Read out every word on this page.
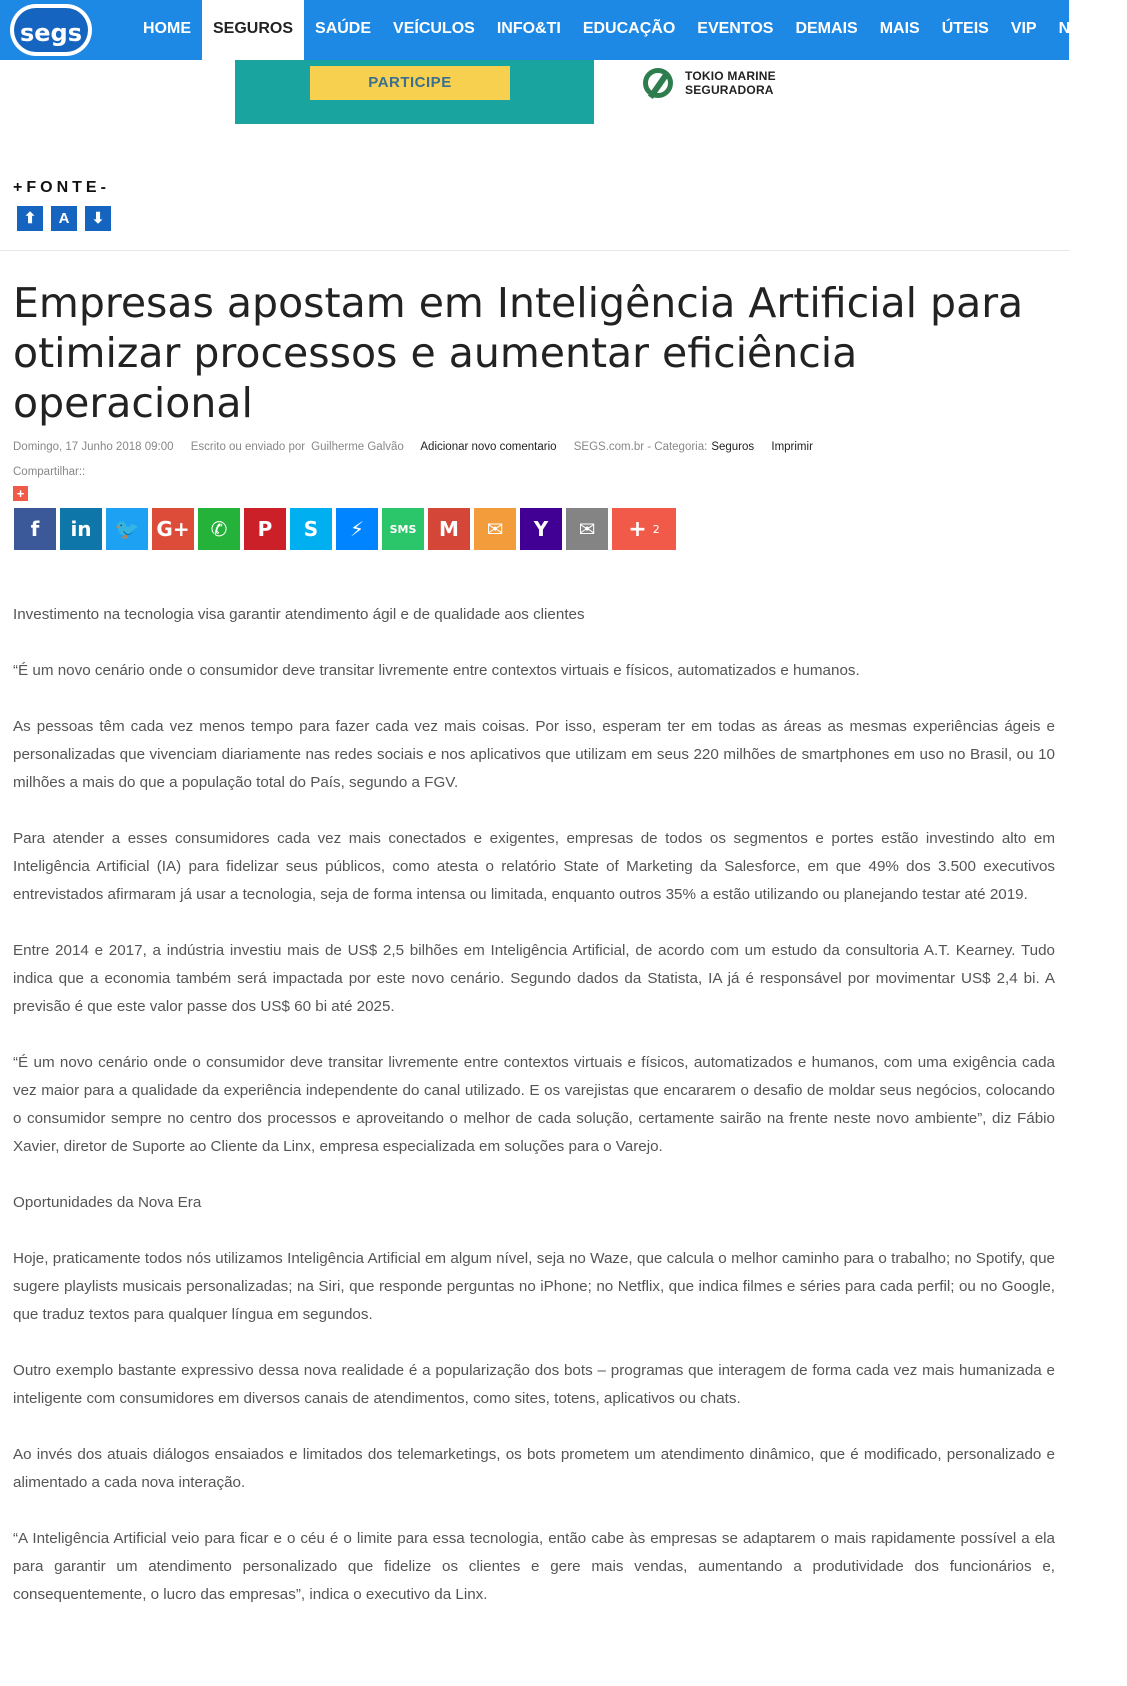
segs	HOME	SEGUROS	SAÚDE	VEÍCULOS	INFO&TI	EDUCAÇÃO	EVENTOS	DEMAIS	MAIS	ÚTEIS	VIP	NEWS?
PARTICIPE	TOKIO MARINE
SEGURADORA
+FONTE-
⬆	A	⬇
Empresas apostam em Inteligência Artificial para otimizar processos e aumentar eficiência operacional
Domingo, 17 Junho 2018 09:00 Escrito ou enviado por Guilherme Galvão Adicionar novo comentario SEGS.com.br - Categoria: Seguros Imprimir
Compartilhar::
+
f in 🐦 G+ ✆ P S ⚡ SMS M ✉ Y ✉ + 2

Investimento na tecnologia visa garantir atendimento ágil e de qualidade aos clientes

“É um novo cenário onde o consumidor deve transitar livremente entre contextos virtuais e físicos, automatizados e humanos.

As pessoas têm cada vez menos tempo para fazer cada vez mais coisas. Por isso, esperam ter em todas as áreas as mesmas experiências ágeis e personalizadas que vivenciam diariamente nas redes sociais e nos aplicativos que utilizam em seus 220 milhões de smartphones em uso no Brasil, ou 10 milhões a mais do que a população total do País, segundo a FGV.

Para atender a esses consumidores cada vez mais conectados e exigentes, empresas de todos os segmentos e portes estão investindo alto em Inteligência Artificial (IA) para fidelizar seus públicos, como atesta o relatório State of Marketing da Salesforce, em que 49% dos 3.500 executivos entrevistados afirmaram já usar a tecnologia, seja de forma intensa ou limitada, enquanto outros 35% a estão utilizando ou planejando testar até 2019.

Entre 2014 e 2017, a indústria investiu mais de US$ 2,5 bilhões em Inteligência Artificial, de acordo com um estudo da consultoria A.T. Kearney. Tudo indica que a economia também será impactada por este novo cenário. Segundo dados da Statista, IA já é responsável por movimentar US$ 2,4 bi. A previsão é que este valor passe dos US$ 60 bi até 2025.

“É um novo cenário onde o consumidor deve transitar livremente entre contextos virtuais e físicos, automatizados e humanos, com uma exigência cada vez maior para a qualidade da experiência independente do canal utilizado. E os varejistas que encararem o desafio de moldar seus negócios, colocando o consumidor sempre no centro dos processos e aproveitando o melhor de cada solução, certamente sairão na frente neste novo ambiente”, diz Fábio Xavier, diretor de Suporte ao Cliente da Linx, empresa especializada em soluções para o Varejo.

Oportunidades da Nova Era

Hoje, praticamente todos nós utilizamos Inteligência Artificial em algum nível, seja no Waze, que calcula o melhor caminho para o trabalho; no Spotify, que sugere playlists musicais personalizadas; na Siri, que responde perguntas no iPhone; no Netflix, que indica filmes e séries para cada perfil; ou no Google, que traduz textos para qualquer língua em segundos.

Outro exemplo bastante expressivo dessa nova realidade é a popularização dos bots – programas que interagem de forma cada vez mais humanizada e inteligente com consumidores em diversos canais de atendimentos, como sites, totens, aplicativos ou chats.

Ao invés dos atuais diálogos ensaiados e limitados dos telemarketings, os bots prometem um atendimento dinâmico, que é modificado, personalizado e alimentado a cada nova interação.

“A Inteligência Artificial veio para ficar e o céu é o limite para essa tecnologia, então cabe às empresas se adaptarem o mais rapidamente possível a ela para garantir um atendimento personalizado que fidelize os clientes e gere mais vendas, aumentando a produtividade dos funcionários e, consequentemente, o lucro das empresas”, indica o executivo da Linx.
